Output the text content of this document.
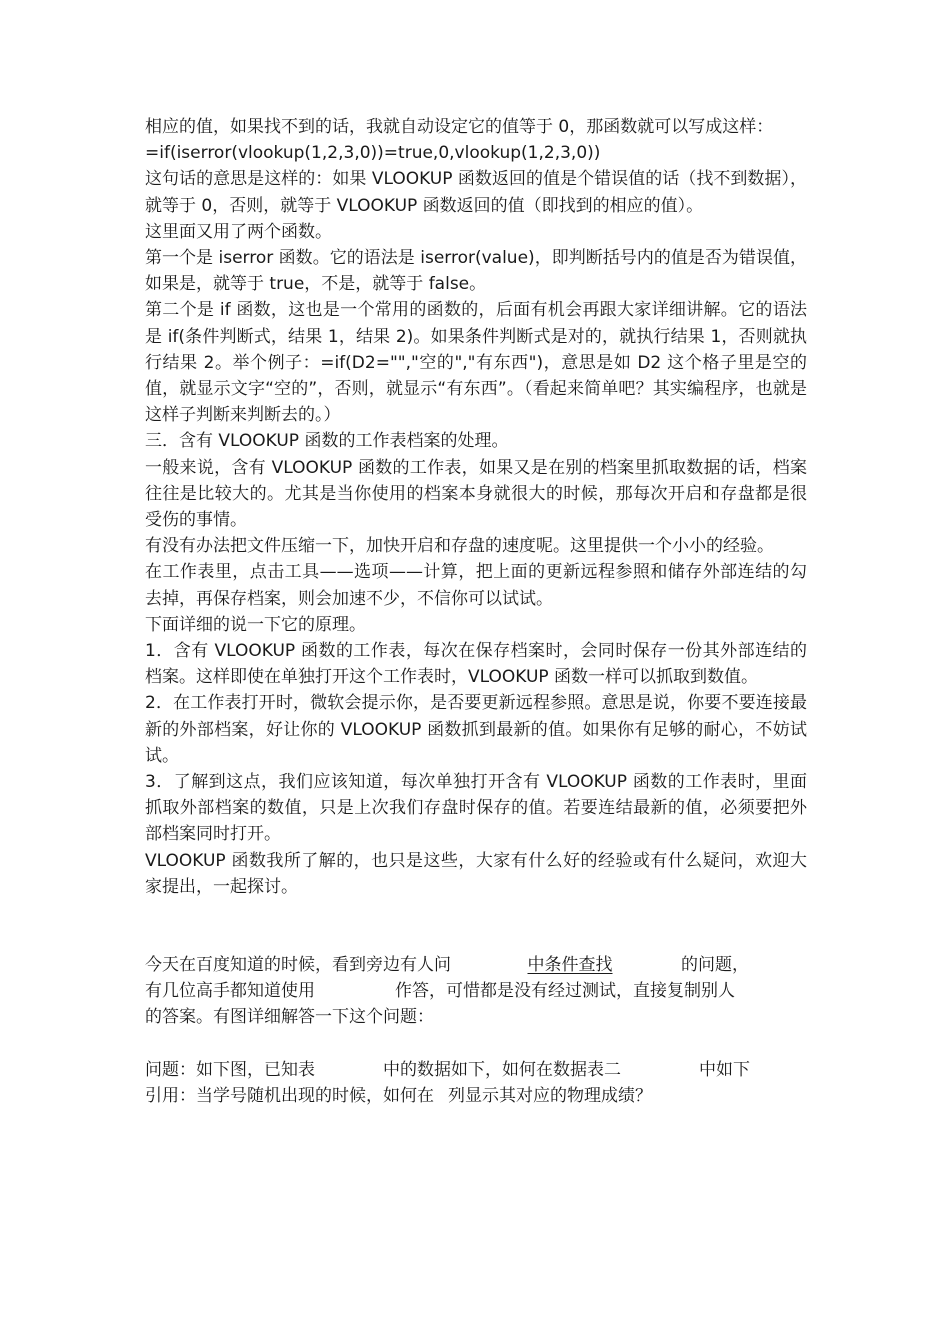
相应的值，如果找不到的话，我就自动设定它的值等于 0，那函数就可以写成这样：

=if(iserror(vlookup(1,2,3,0))=true,0,vlookup(1,2,3,0))

这句话的意思是这样的：如果 VLOOKUP 函数返回的值是个错误值的话（找不到数据），就等于 0，否则，就等于 VLOOKUP 函数返回的值（即找到的相应的值）。

这里面又用了两个函数。

第一个是 iserror 函数。它的语法是 iserror(value)，即判断括号内的值是否为错误值，如果是，就等于 true，不是，就等于 false。

第二个是 if 函数，这也是一个常用的函数的，后面有机会再跟大家详细讲解。它的语法是 if(条件判断式，结果 1，结果 2)。如果条件判断式是对的，就执行结果 1，否则就执行结果 2。举个例子：=if(D2="","空的","有东西")，意思是如 D2 这个格子里是空的值，就显示文字“空的”，否则，就显示“有东西”。（看起来简单吧？其实编程序，也就是这样子判断来判断去的。）

三．含有 VLOOKUP 函数的工作表档案的处理。

一般来说，含有 VLOOKUP 函数的工作表，如果又是在别的档案里抓取数据的话，档案往往是比较大的。尤其是当你使用的档案本身就很大的时候，那每次开启和存盘都是很受伤的事情。

有没有办法把文件压缩一下，加快开启和存盘的速度呢。这里提供一个小小的经验。

在工作表里，点击工具——选项——计算，把上面的更新远程参照和储存外部连结的勾去掉，再保存档案，则会加速不少，不信你可以试试。

下面详细的说一下它的原理。

1．含有 VLOOKUP 函数的工作表，每次在保存档案时，会同时保存一份其外部连结的档案。这样即使在单独打开这个工作表时，VLOOKUP 函数一样可以抓取到数值。

2．在工作表打开时，微软会提示你，是否要更新远程参照。意思是说，你要不要连接最新的外部档案，好让你的 VLOOKUP 函数抓到最新的值。如果你有足够的耐心，不妨试试。

3．了解到这点，我们应该知道，每次单独打开含有 VLOOKUP 函数的工作表时，里面抓取外部档案的数值，只是上次我们存盘时保存的值。若要连结最新的值，必须要把外部档案同时打开。

VLOOKUP 函数我所了解的，也只是这些，大家有什么好的经验或有什么疑问，欢迎大家提出，一起探讨。

今天在百度知道的时候，看到旁边有人问	中条件查找	的问题，
有几位高手都知道使用	作答，可惜都是没有经过测试，直接复制别人
的答案。有图详细解答一下这个问题：
问题：如下图，已知表	中的数据如下，如何在数据表二	中如下
引用：当学号随机出现的时候，如何在 列显示其对应的物理成绩？
